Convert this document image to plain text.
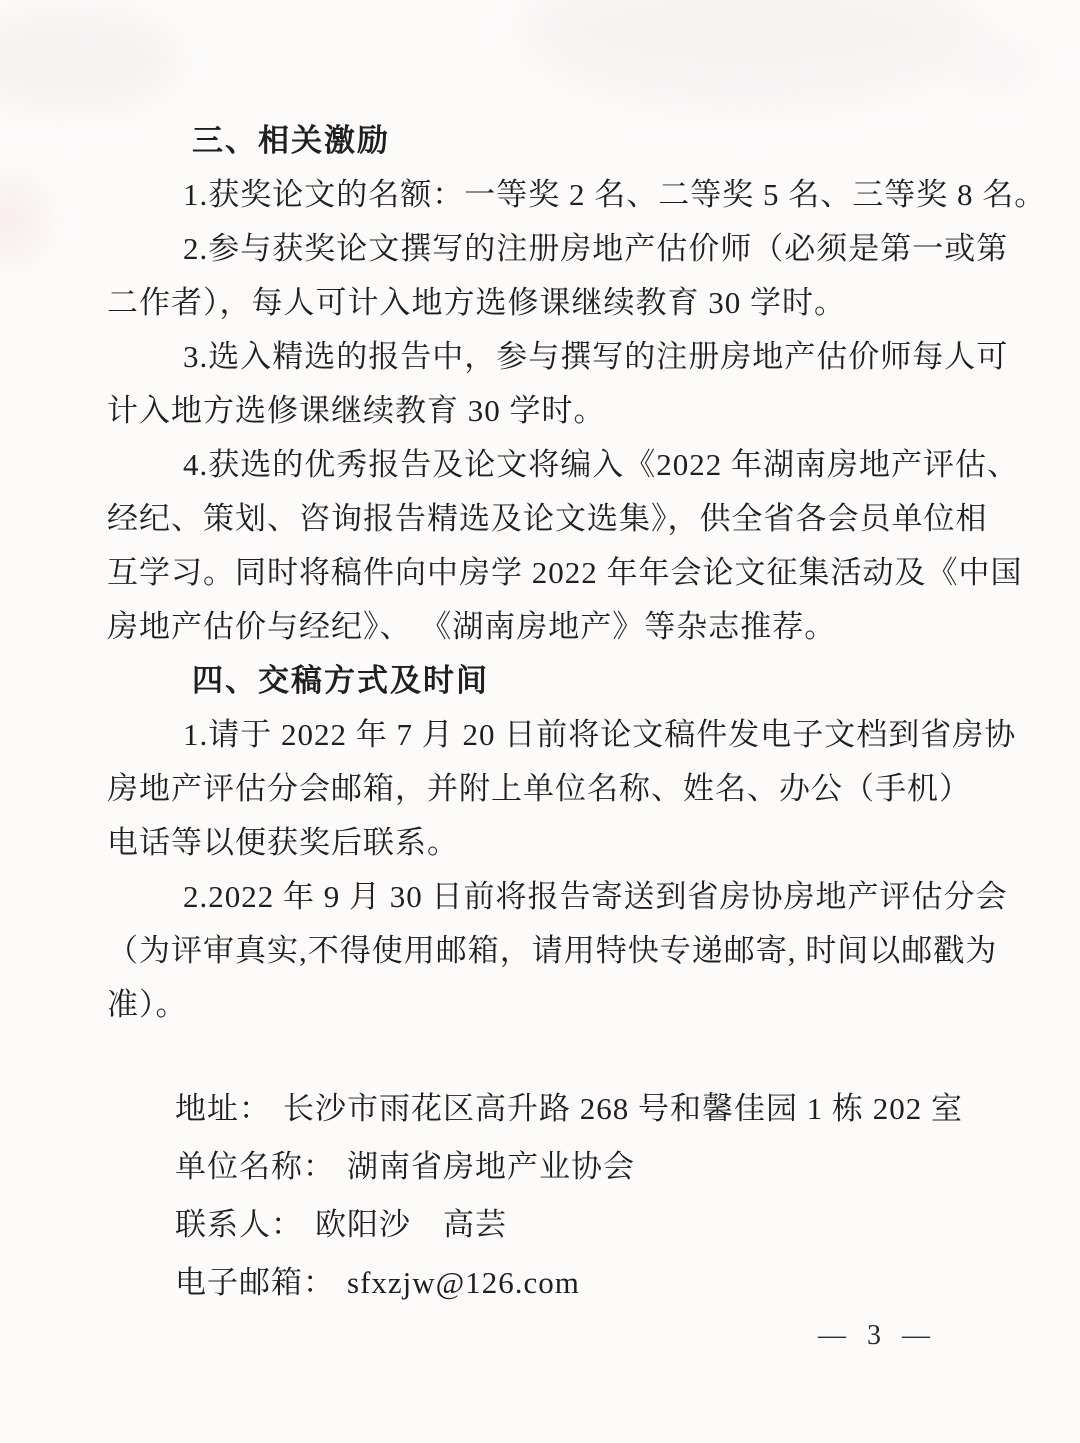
三、相关激励
1.获奖论文的名额：一等奖 2 名、二等奖 5 名、三等奖 8 名。
2.参与获奖论文撰写的注册房地产估价师（必须是第一或第
二作者），每人可计入地方选修课继续教育 30 学时。
3.选入精选的报告中，参与撰写的注册房地产估价师每人可
计入地方选修课继续教育 30 学时。
4.获选的优秀报告及论文将编入《2022 年湖南房地产评估、
经纪、策划、咨询报告精选及论文选集》，供全省各会员单位相
互学习。同时将稿件向中房学 2022 年年会论文征集活动及《中国
房地产估价与经纪》、 《湖南房地产》等杂志推荐。
四、交稿方式及时间
1.请于 2022 年 7 月 20 日前将论文稿件发电子文档到省房协
房地产评估分会邮箱，并附上单位名称、姓名、办公（手机）
电话等以便获奖后联系。
2.2022 年 9 月 30 日前将报告寄送到省房协房地产评估分会
（为评审真实,不得使用邮箱，请用特快专递邮寄, 时间以邮戳为
准）。
地址： 长沙市雨花区高升路 268 号和馨佳园 1 栋 202 室
单位名称： 湖南省房地产业协会
联系人： 欧阳沙　高芸
电子邮箱： sfxzjw@126.com
— 3 —
